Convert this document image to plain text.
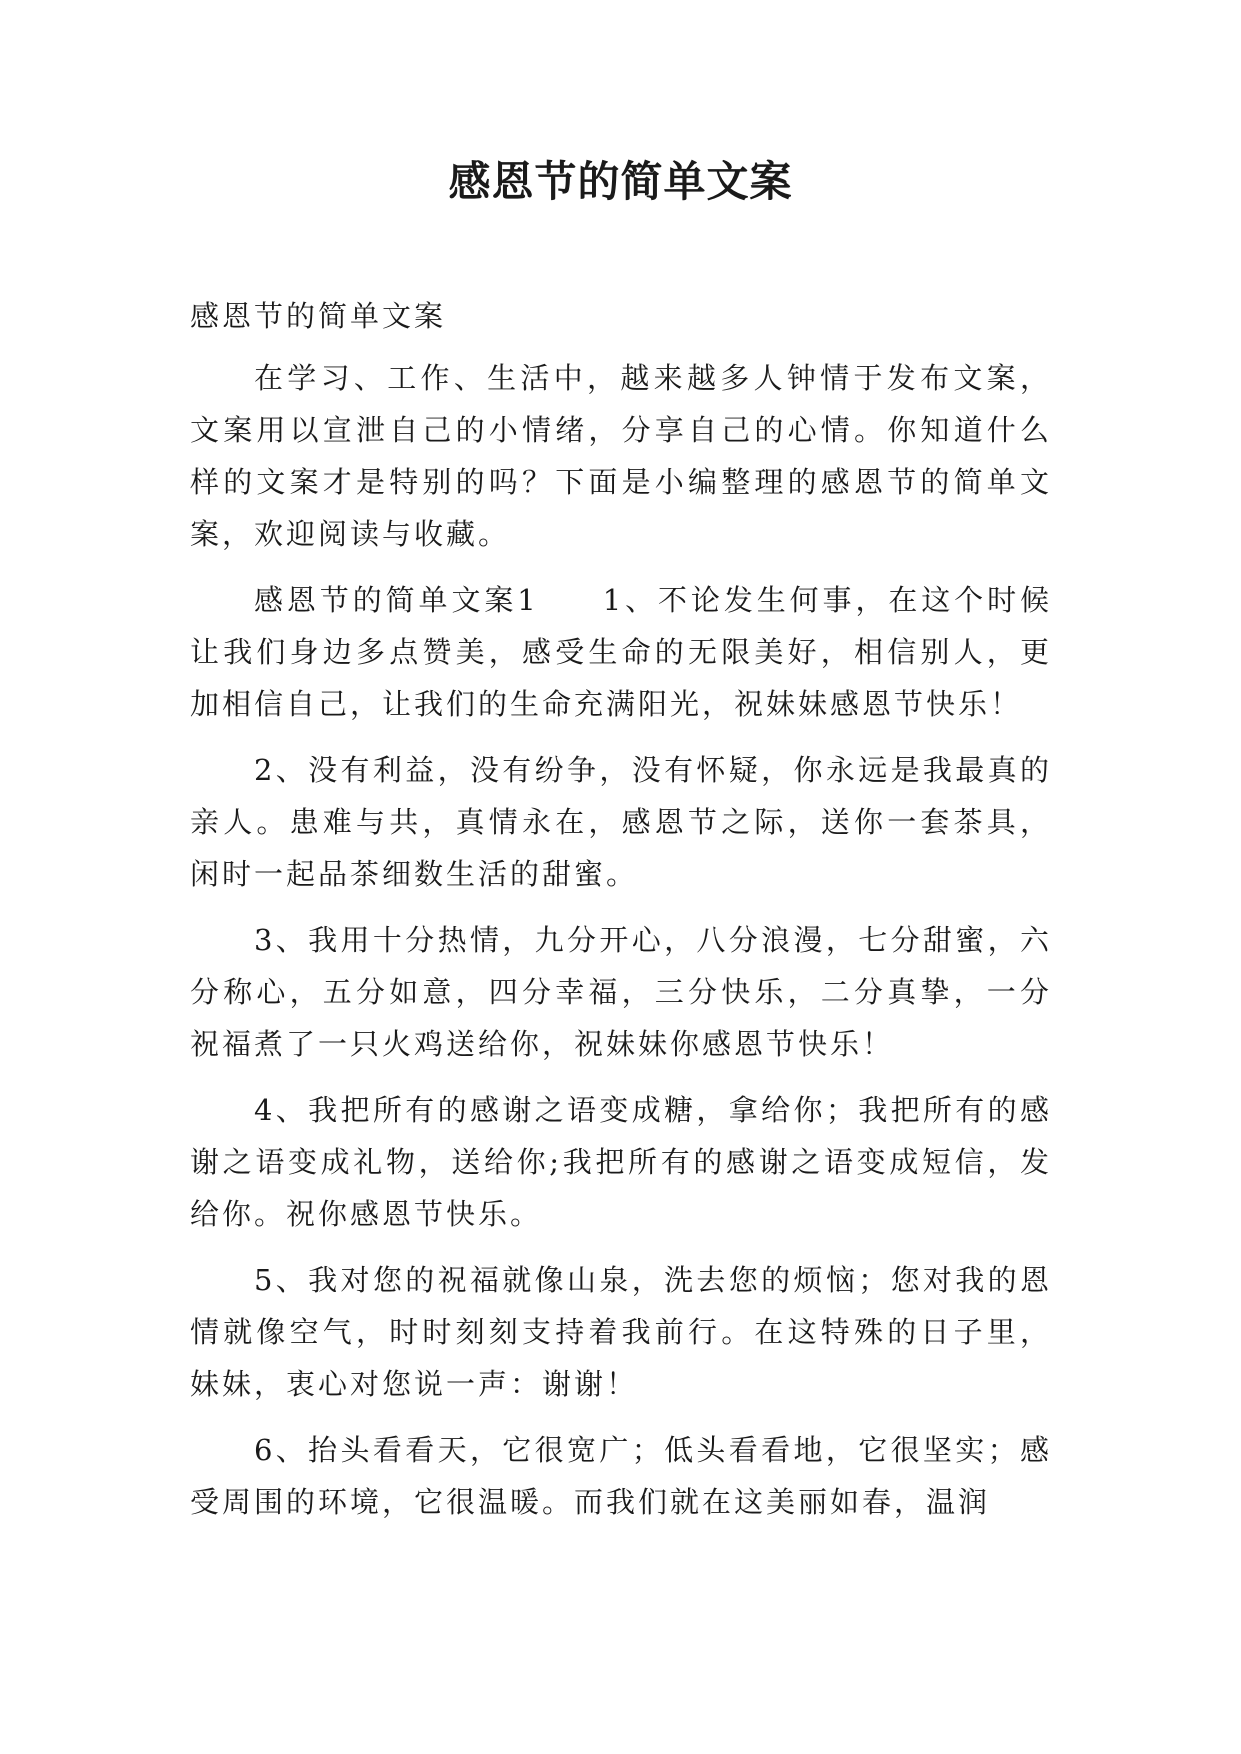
感恩节的简单文案

感恩节的简单文案

在学习、工作、生活中，越来越多人钟情于发布文案，文案用以宣泄自己的小情绪，分享自己的心情。你知道什么样的文案才是特别的吗？下面是小编整理的感恩节的简单文案，欢迎阅读与收藏。

感恩节的简单文案1 1、不论发生何事，在这个时候让我们身边多点赞美，感受生命的无限美好，相信别人，更加相信自己，让我们的生命充满阳光，祝妹妹感恩节快乐！

2、没有利益，没有纷争，没有怀疑，你永远是我最真的亲人。患难与共，真情永在，感恩节之际，送你一套茶具，闲时一起品茶细数生活的甜蜜。

3、我用十分热情，九分开心，八分浪漫，七分甜蜜，六分称心，五分如意，四分幸福，三分快乐，二分真挚，一分祝福煮了一只火鸡送给你，祝妹妹你感恩节快乐！

4、我把所有的感谢之语变成糖，拿给你；我把所有的感谢之语变成礼物，送给你;我把所有的感谢之语变成短信，发给你。祝你感恩节快乐。

5、我对您的祝福就像山泉，洗去您的烦恼；您对我的恩情就像空气，时时刻刻支持着我前行。在这特殊的日子里，妹妹，衷心对您说一声：谢谢！

6、抬头看看天，它很宽广；低头看看地，它很坚实；感受周围的环境，它很温暖。而我们就在这美丽如春，温润
